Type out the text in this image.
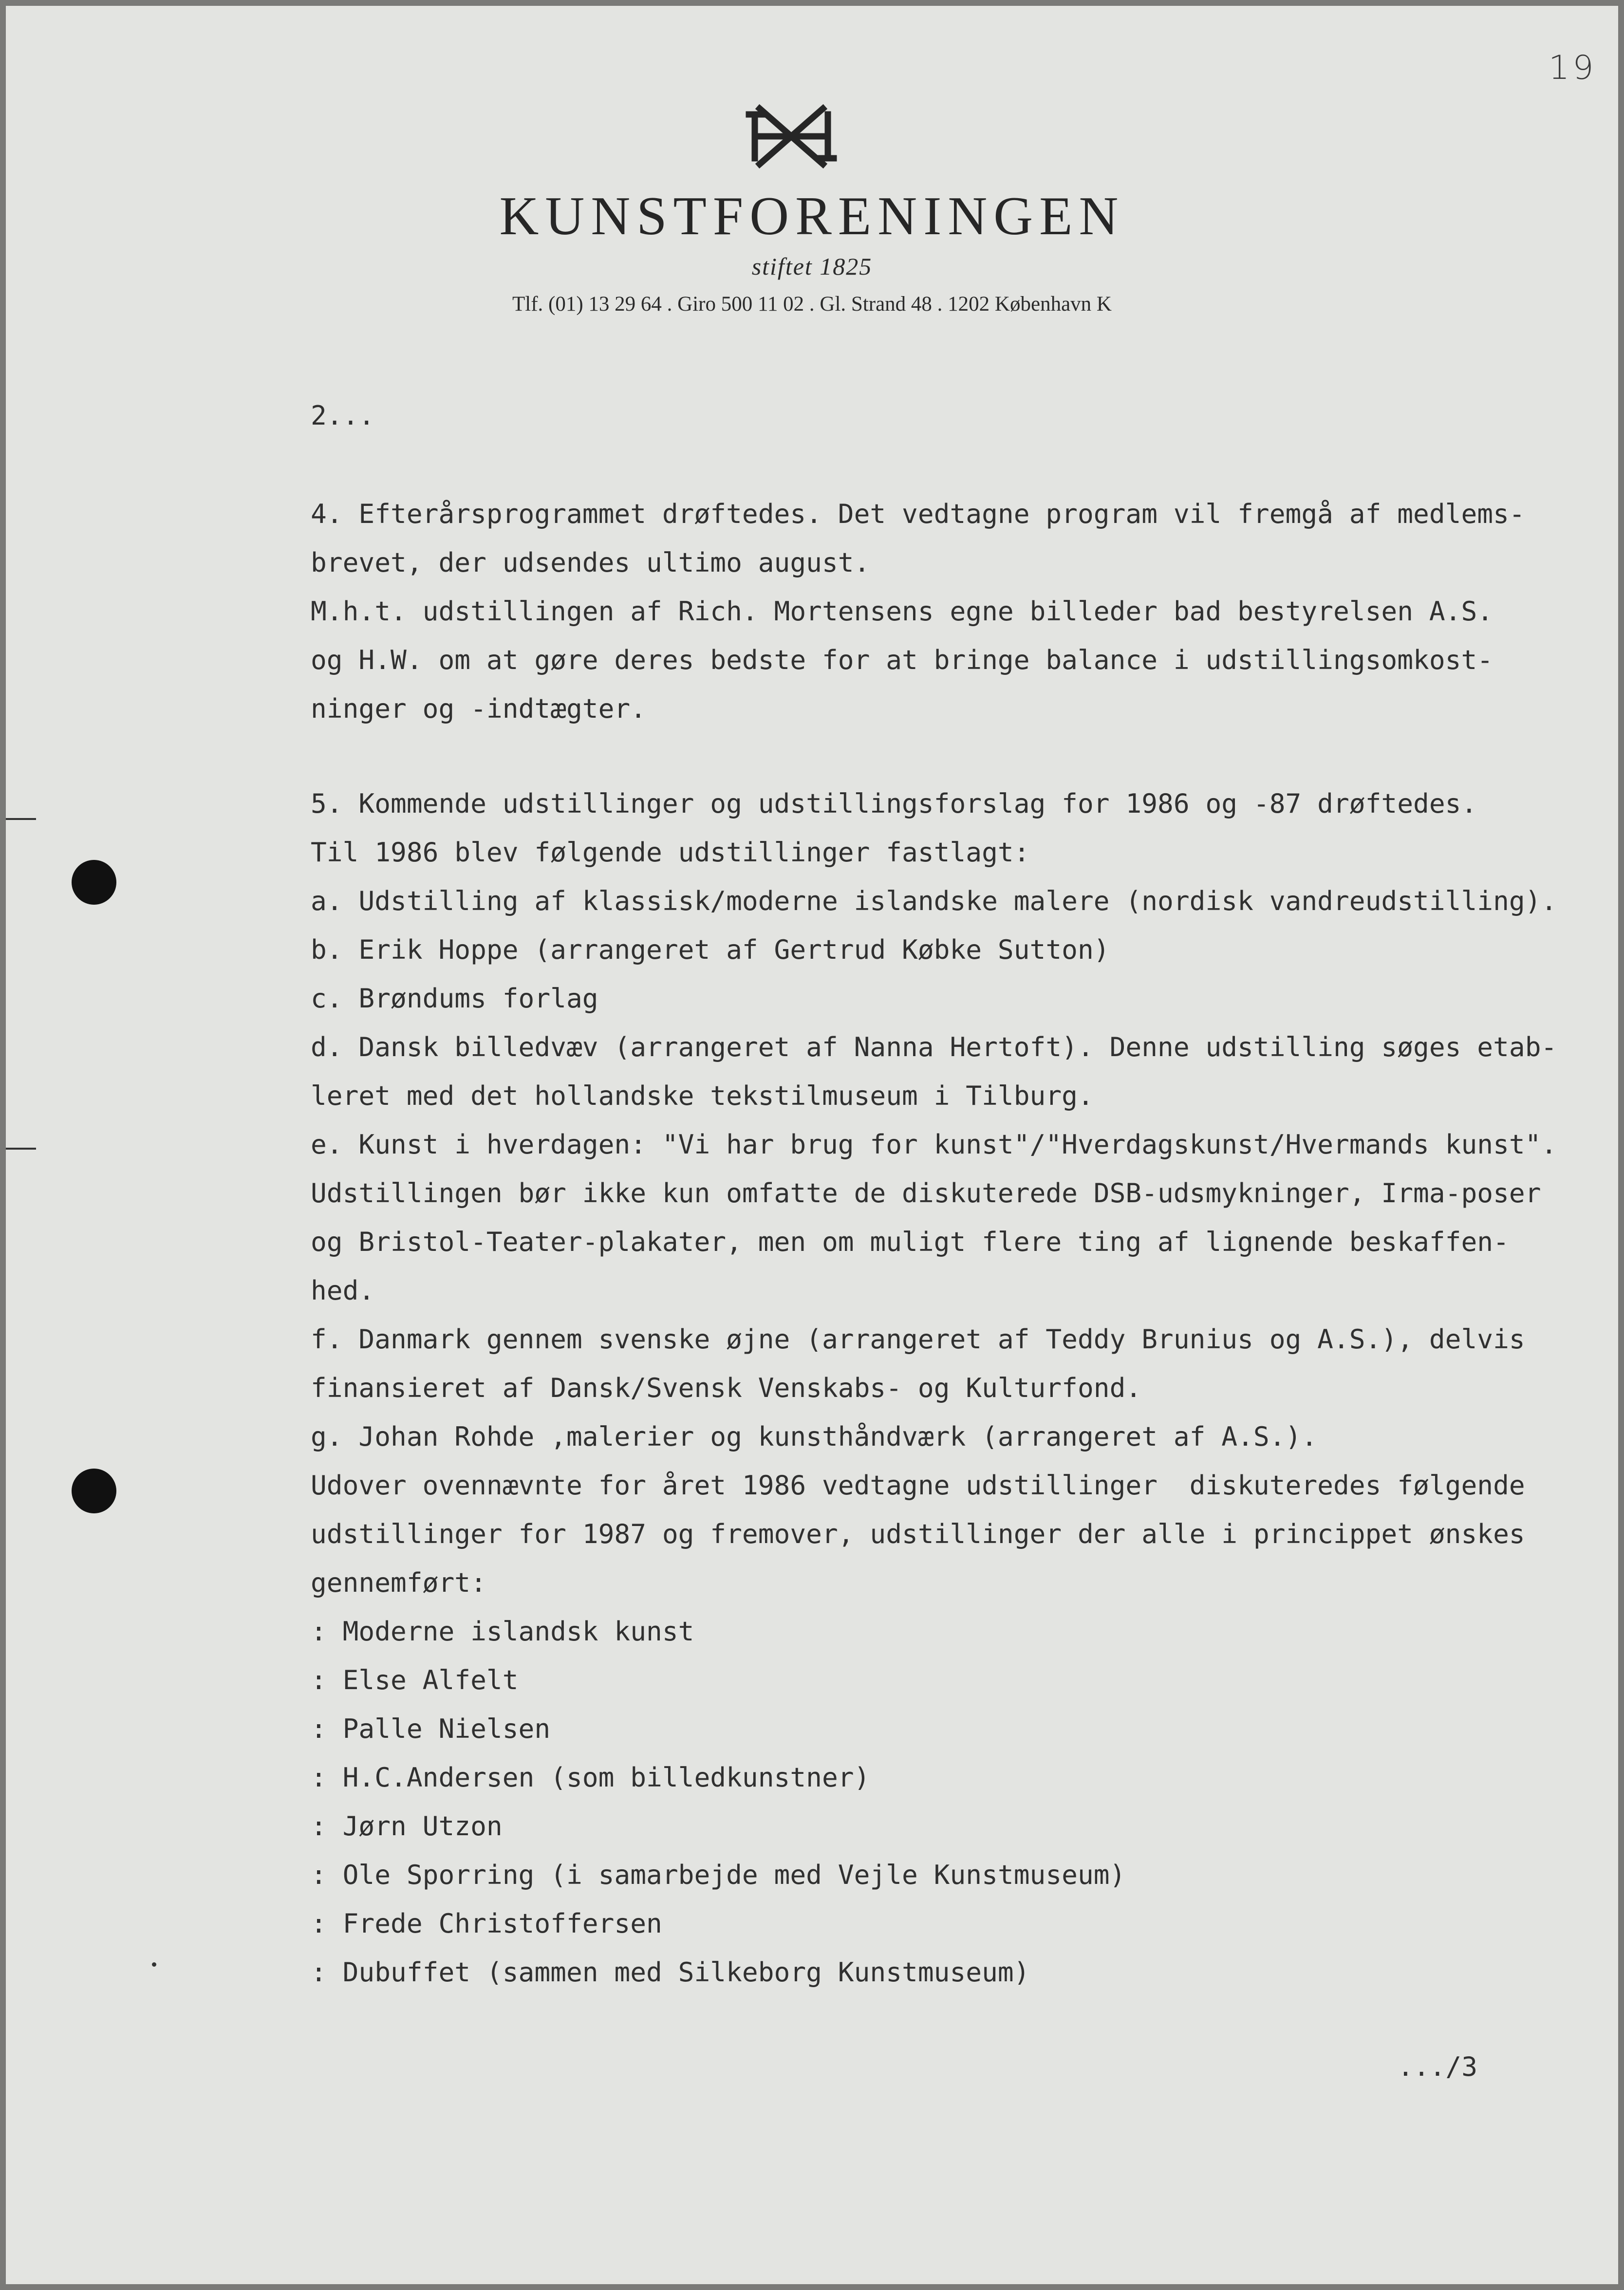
19
KUNSTFORENINGEN
stiftet 1825
Tlf. (01) 13 29 64 . Giro 500 11 02 . Gl. Strand 48 . 1202 København K
2...
4. Efterårsprogrammet drøftedes. Det vedtagne program vil fremgå af medlems-
brevet, der udsendes ultimo august.
M.h.t. udstillingen af Rich. Mortensens egne billeder bad bestyrelsen A.S.
og H.W. om at gøre deres bedste for at bringe balance i udstillingsomkost-
ninger og -indtægter.
5. Kommende udstillinger og udstillingsforslag for 1986 og -87 drøftedes.
Til 1986 blev følgende udstillinger fastlagt:
a. Udstilling af klassisk/moderne islandske malere (nordisk vandreudstilling).
b. Erik Hoppe (arrangeret af Gertrud Købke Sutton)
c. Brøndums forlag
d. Dansk billedvæv (arrangeret af Nanna Hertoft). Denne udstilling søges etab-
leret med det hollandske tekstilmuseum i Tilburg.
e. Kunst i hverdagen: "Vi har brug for kunst"/"Hverdagskunst/Hvermands kunst".
Udstillingen bør ikke kun omfatte de diskuterede DSB-udsmykninger, Irma-poser
og Bristol-Teater-plakater, men om muligt flere ting af lignende beskaffen-
hed.
f. Danmark gennem svenske øjne (arrangeret af Teddy Brunius og A.S.), delvis
finansieret af Dansk/Svensk Venskabs- og Kulturfond.
g. Johan Rohde ,malerier og kunsthåndværk (arrangeret af A.S.).
Udover ovennævnte for året 1986 vedtagne udstillinger  diskuteredes følgende
udstillinger for 1987 og fremover, udstillinger der alle i princippet ønskes
gennemført:
: Moderne islandsk kunst
: Else Alfelt
: Palle Nielsen
: H.C.Andersen (som billedkunstner)
: Jørn Utzon
: Ole Sporring (i samarbejde med Vejle Kunstmuseum)
: Frede Christoffersen
: Dubuffet (sammen med Silkeborg Kunstmuseum)
.../3
